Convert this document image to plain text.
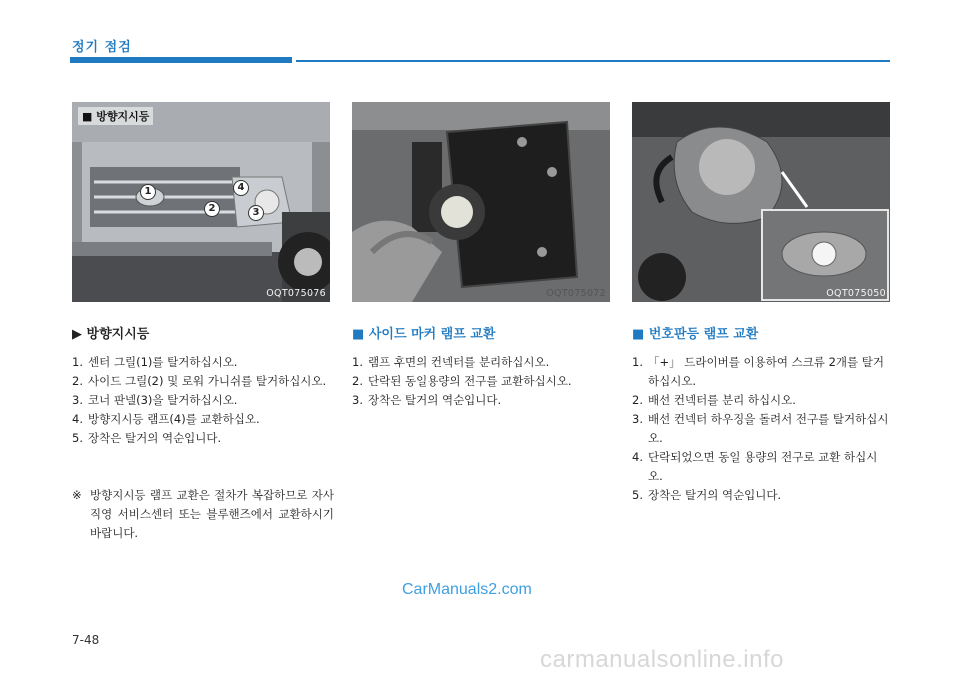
정기 점검
■ 방향지시등
1
2	3
4
OQT075076	OQT075072	OQT075050
▶ 방향지시등
1. 센터 그릴(1)를 탈거하십시오.
2. 사이드 그릴(2) 및 로워 가니쉬를 탈거하십시오.
3. 코너 판넬(3)을 탈거하십시오.
4. 방향지시등 램프(4)를 교환하십오.
5. 장착은 탈거의 역순입니다.
※ 방향지시등 램프 교환은 절차가 복잡하므로 자사 직영 서비스센터 또는 블루핸즈에서 교환하시기 바랍니다.
■ 사이드 마커 램프 교환
1. 램프 후면의 컨넥터를 분리하십시오.
2. 단락된 동일용량의 전구를 교환하십시오.
3. 장착은 탈거의 역순입니다.
■ 번호판등 램프 교환
1. 「+」 드라이버를 이용하여 스크류 2개를 탈거하십시오.
2. 배선 컨넥터를 분리 하십시오.
3. 배선 컨넥터 하우징을 돌려서 전구를 탈거하십시오.
4. 단락되었으면 동일 용량의 전구로 교환 하십시오.
5. 장착은 탈거의 역순입니다.
CarManuals2.com
7-48
carmanualsonline.info
